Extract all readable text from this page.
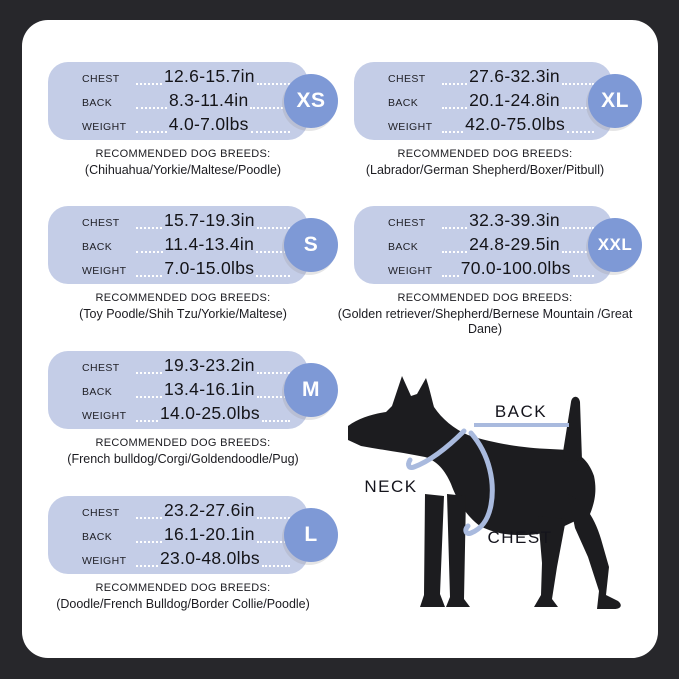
CHEST	12.6-15.7in
BACK	8.3-11.4in
WEIGHT	4.0-7.0lbs
XS
RECOMMENDED DOG BREEDS:
(Chihuahua/Yorkie/Maltese/Poodle)
CHEST	27.6-32.3in
BACK	20.1-24.8in
WEIGHT	42.0-75.0lbs
XL
RECOMMENDED DOG BREEDS:
(Labrador/German Shepherd/Boxer/Pitbull)
CHEST	15.7-19.3in
BACK	11.4-13.4in
WEIGHT	7.0-15.0lbs
S
RECOMMENDED DOG BREEDS:
(Toy Poodle/Shih Tzu/Yorkie/Maltese)
CHEST	32.3-39.3in
BACK	24.8-29.5in
WEIGHT	70.0-100.0lbs
XXL
RECOMMENDED DOG BREEDS:
(Golden retriever/Shepherd/Bernese Mountain /Great Dane)
CHEST	19.3-23.2in
BACK	13.4-16.1in
WEIGHT	14.0-25.0lbs
M
RECOMMENDED DOG BREEDS:
(French bulldog/Corgi/Goldendoodle/Pug)
CHEST	23.2-27.6in
BACK	16.1-20.1in
WEIGHT	23.0-48.0lbs
L
RECOMMENDED DOG BREEDS:
(Doodle/French Bulldog/Border Collie/Poodle)
BACK
NECK
CHEST
